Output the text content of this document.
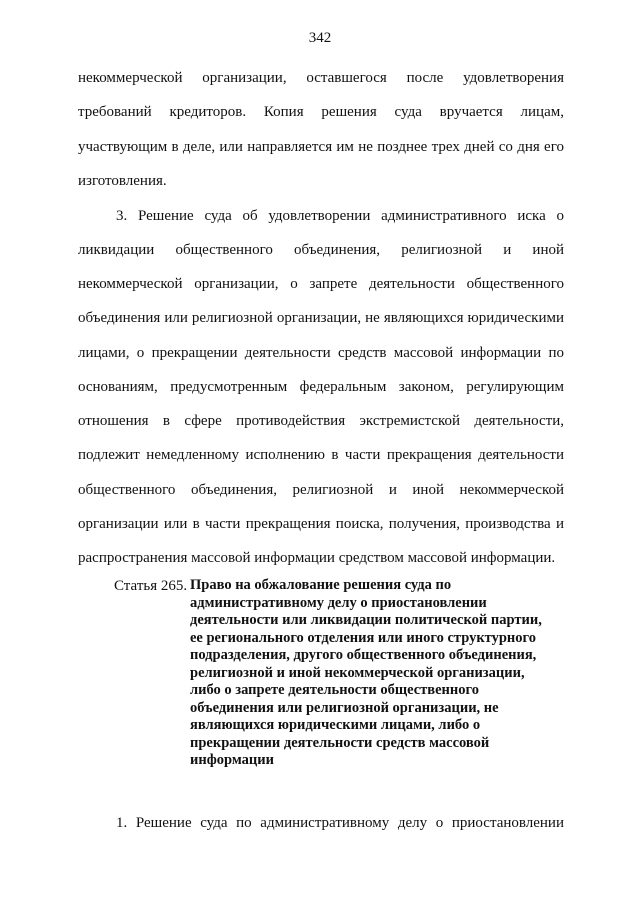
342
некоммерческой организации, оставшегося после удовлетворения
требований кредиторов. Копия решения суда вручается лицам,
участвующим в деле, или направляется им не позднее трех дней со дня его
изготовления.
3. Решение суда об удовлетворении административного иска о
ликвидации общественного объединения, религиозной и иной
некоммерческой организации, о запрете деятельности общественного
объединения или религиозной организации, не являющихся юридическими
лицами, о прекращении деятельности средств массовой информации по
основаниям, предусмотренным федеральным законом, регулирующим
отношения в сфере противодействия экстремистской деятельности,
подлежит немедленному исполнению в части прекращения деятельности
общественного объединения, религиозной и иной некоммерческой
организации или в части прекращения поиска, получения, производства и
распространения массовой информации средством массовой информации.
Статья 265. Право на обжалование решения суда по
административному делу о приостановлении
деятельности или ликвидации политической партии,
ее регионального отделения или иного структурного
подразделения, другого общественного объединения,
религиозной и иной некоммерческой организации,
либо о запрете деятельности общественного
объединения или религиозной организации, не
являющихся юридическими лицами, либо о
прекращении деятельности средств массовой
информации
1. Решение суда по административному делу о приостановлении
